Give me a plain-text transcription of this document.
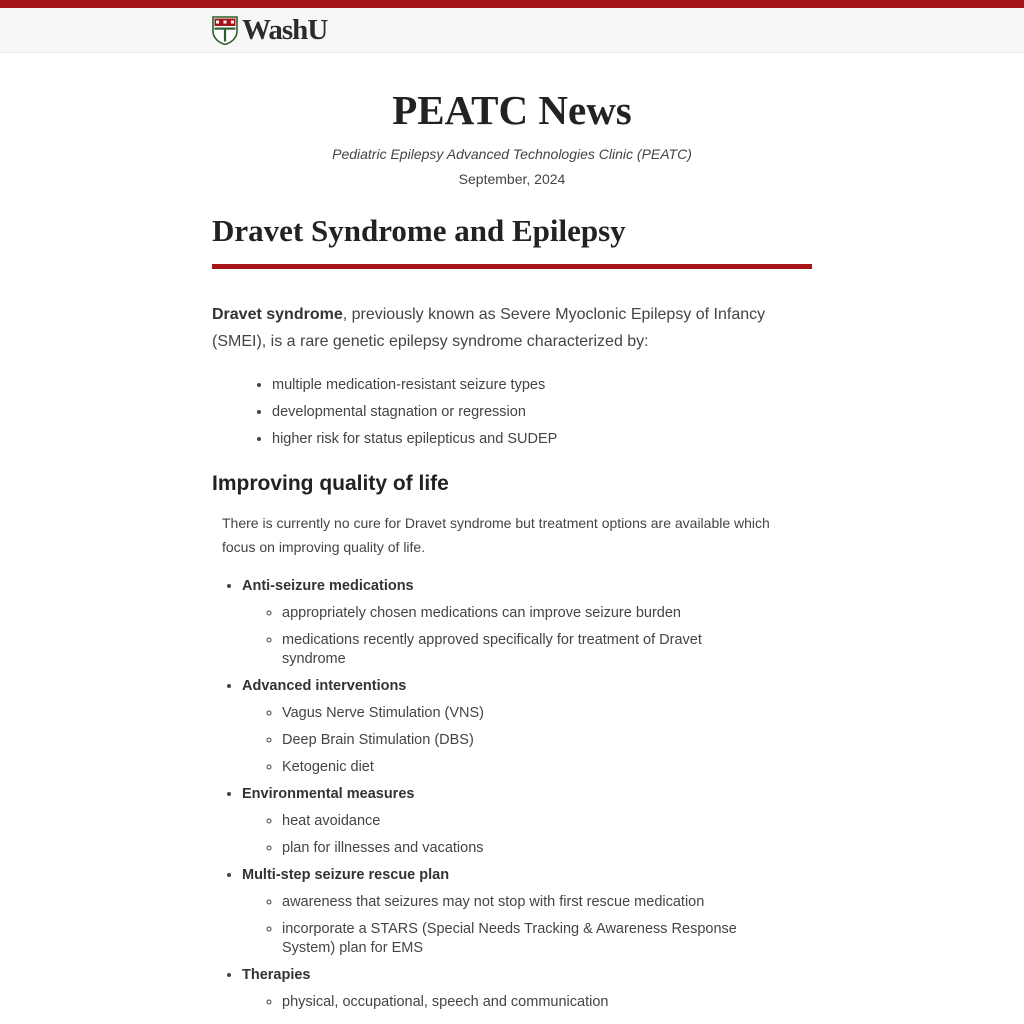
WashU
PEATC News
Pediatric Epilepsy Advanced Technologies Clinic (PEATC)
September, 2024
Dravet Syndrome and Epilepsy

Dravet syndrome, previously known as Severe Myoclonic Epilepsy of Infancy (SMEI), is a rare genetic epilepsy syndrome characterized by:

• multiple medication-resistant seizure types
• developmental stagnation or regression
• higher risk for status epilepticus and SUDEP
Improving quality of life

There is currently no cure for Dravet syndrome but treatment options are available which focus on improving quality of life.

• Anti-seizure medications
◦ appropriately chosen medications can improve seizure burden
◦ medications recently approved specifically for treatment of Dravet syndrome
• Advanced interventions
◦ Vagus Nerve Stimulation (VNS)
◦ Deep Brain Stimulation (DBS)
◦ Ketogenic diet
• Environmental measures
◦ heat avoidance
◦ plan for illnesses and vacations
• Multi-step seizure rescue plan
◦ awareness that seizures may not stop with first rescue medication
◦ incorporate a STARS (Special Needs Tracking & Awareness Response System) plan for EMS
• Therapies
◦ physical, occupational, speech and communication
